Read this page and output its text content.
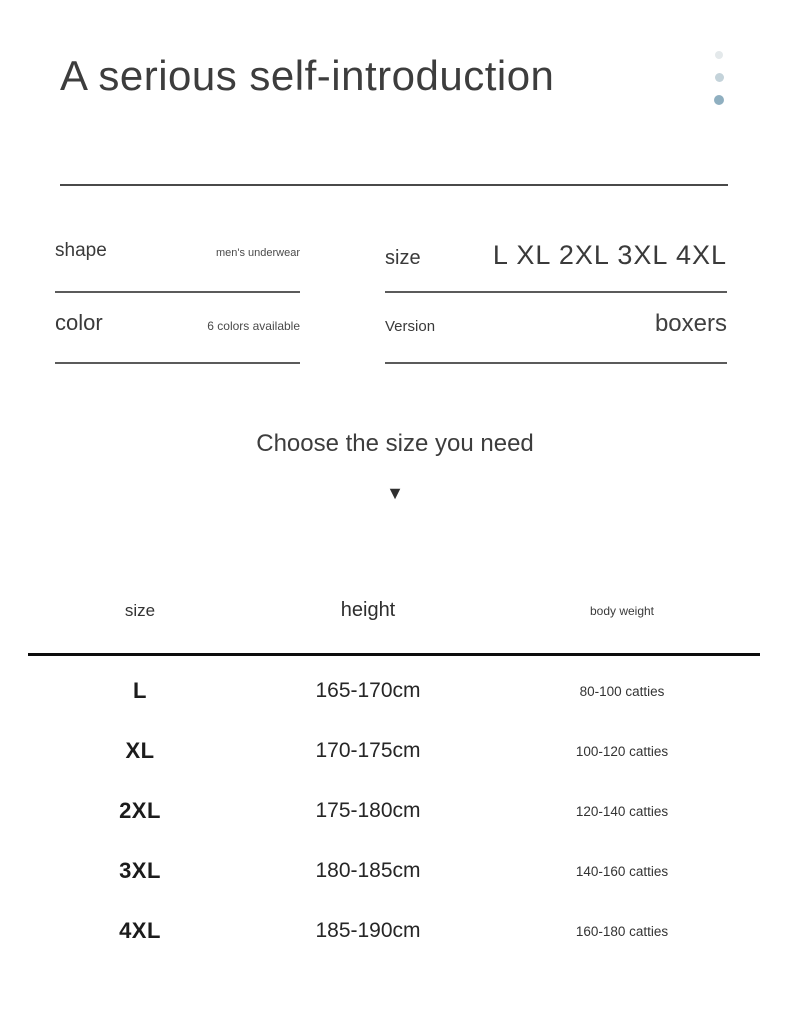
A serious self-introduction
shape	men's underwear	size	L XL 2XL 3XL 4XL
color	6 colors available	Version	boxers
Choose the size you need
▼
size	height	body weight
L	165-170cm	80-100 catties
XL	170-175cm	100-120 catties
2XL	175-180cm	120-140 catties
3XL	180-185cm	140-160 catties
4XL	185-190cm	160-180 catties
